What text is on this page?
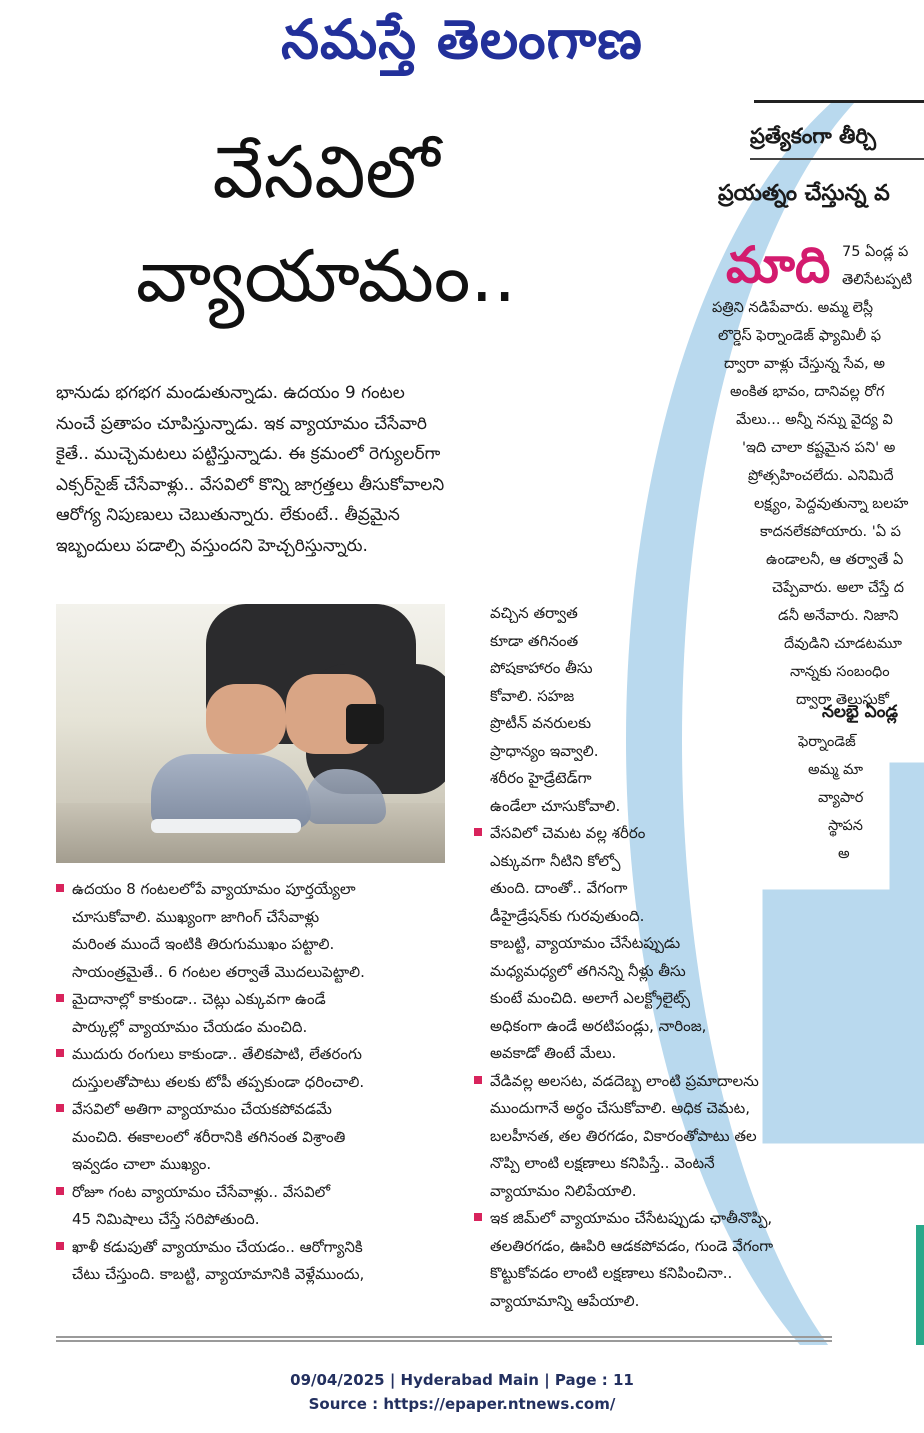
నమస్తే తెలంగాణ
ప్రత్యేకంగా తీర్చి
ప్రయత్నం చేస్తున్న వ
మాది 75 ఏండ్ల ప
తెలిసేటప్పటి
పత్రిని నడిపేవారు. అమ్మ లెస్లీ
లొర్డెస్‌ ఫెర్నాండెజ్‌ ఫ్యామిలీ ఫ
ద్వారా వాళ్లు చేస్తున్న సేవ, అ
అంకిత భావం, దానివల్ల రోగ
మేలు... అన్నీ నన్ను వైద్య వి
'ఇది చాలా కష్టమైన పని' అ
ప్రోత్సహించలేదు. ఎనిమిదే
లక్ష్యం, పెద్దవుతున్నా బలహ
కాదనలేకపోయారు. 'ఏ ప
ఉండాలనీ, ఆ తర్వాతే ఏ
చెప్పేవారు. అలా చేస్తే ద
డనీ అనేవారు. నిజాని
దేవుడిని చూడటమూ
నాన్నకు సంబంధిం
ద్వారా తెలుసుకో
నలభై ఏండ్ల
ఫెర్నాండెజ్‌
అమ్మ మా
వ్యాపార
స్థాపన
అ
వేసవిలో
వ్యాయామం..
భానుడు భగభగ మండుతున్నాడు. ఉదయం 9 గంటల
నుంచే ప్రతాపం చూపిస్తున్నాడు. ఇక వ్యాయామం చేసేవారి
కైతే.. ముచ్చెమటలు పట్టిస్తున్నాడు. ఈ క్రమంలో రెగ్యులర్‌గా
ఎక్సర్‌సైజ్‌ చేసేవాళ్లు.. వేసవిలో కొన్ని జాగ్రత్తలు తీసుకోవాలని
ఆరోగ్య నిపుణులు చెబుతున్నారు. లేకుంటే.. తీవ్రమైన
ఇబ్బందులు పడాల్సి వస్తుందని హెచ్చరిస్తున్నారు.
ఉదయం 8 గంటలలోపే వ్యాయామం పూర్తయ్యేలా
చూసుకోవాలి. ముఖ్యంగా జాగింగ్‌ చేసేవాళ్లు
మరింత ముందే ఇంటికి తిరుగుముఖం పట్టాలి.
సాయంత్రమైతే.. 6 గంటల తర్వాతే మొదలుపెట్టాలి.
మైదానాల్లో కాకుండా.. చెట్లు ఎక్కువగా ఉండే
పార్కుల్లో వ్యాయామం చేయడం మంచిది.
ముదురు రంగులు కాకుండా.. తేలికపాటి, లేతరంగు
దుస్తులతోపాటు తలకు టోపీ తప్పకుండా ధరించాలి.
వేసవిలో అతిగా వ్యాయామం చేయకపోవడమే
మంచిది. ఈకాలంలో శరీరానికి తగినంత విశ్రాంతి
ఇవ్వడం చాలా ముఖ్యం.
రోజూ గంట వ్యాయామం చేసేవాళ్లు.. వేసవిలో
45 నిమిషాలు చేస్తే సరిపోతుంది.
ఖాళీ కడుపుతో వ్యాయామం చేయడం.. ఆరోగ్యానికి
చేటు చేస్తుంది. కాబట్టి, వ్యాయామానికి వెళ్లేముందు,
వచ్చిన తర్వాత
కూడా తగినంత
పోషకాహారం తీసు
కోవాలి. సహజ
ప్రొటీన్‌ వనరులకు
ప్రాధాన్యం ఇవ్వాలి.
శరీరం హైడ్రేటెడ్‌గా
ఉండేలా చూసుకోవాలి.
వేసవిలో చెమట వల్ల శరీరం
ఎక్కువగా నీటిని కోల్పో
తుంది. దాంతో.. వేగంగా
డీహైడ్రేషన్‌కు గురవుతుంది.
కాబట్టి, వ్యాయామం చేసేటప్పుడు
మధ్యమధ్యలో తగినన్ని నీళ్లు తీసు
కుంటే మంచిది. అలాగే ఎలక్ట్రోలైట్స్‌
అధికంగా ఉండే అరటిపండ్లు, నారింజ,
అవకాడో తింటే మేలు.
వేడివల్ల అలసట, వడదెబ్బ లాంటి ప్రమాదాలను
ముందుగానే అర్థం చేసుకోవాలి. అధిక చెమట,
బలహీనత, తల తిరగడం, వికారంతోపాటు తల
నొప్పి లాంటి లక్షణాలు కనిపిస్తే.. వెంటనే
వ్యాయామం నిలిపేయాలి.
ఇక జిమ్‌లో వ్యాయామం చేసేటప్పుడు ఛాతీనొప్పి,
తలతిరగడం, ఊపిరి ఆడకపోవడం, గుండె వేగంగా
కొట్టుకోవడం లాంటి లక్షణాలు కనిపించినా..
వ్యాయామాన్ని ఆపేయాలి.
09/04/2025 | Hyderabad Main | Page : 11
Source : https://epaper.ntnews.com/
